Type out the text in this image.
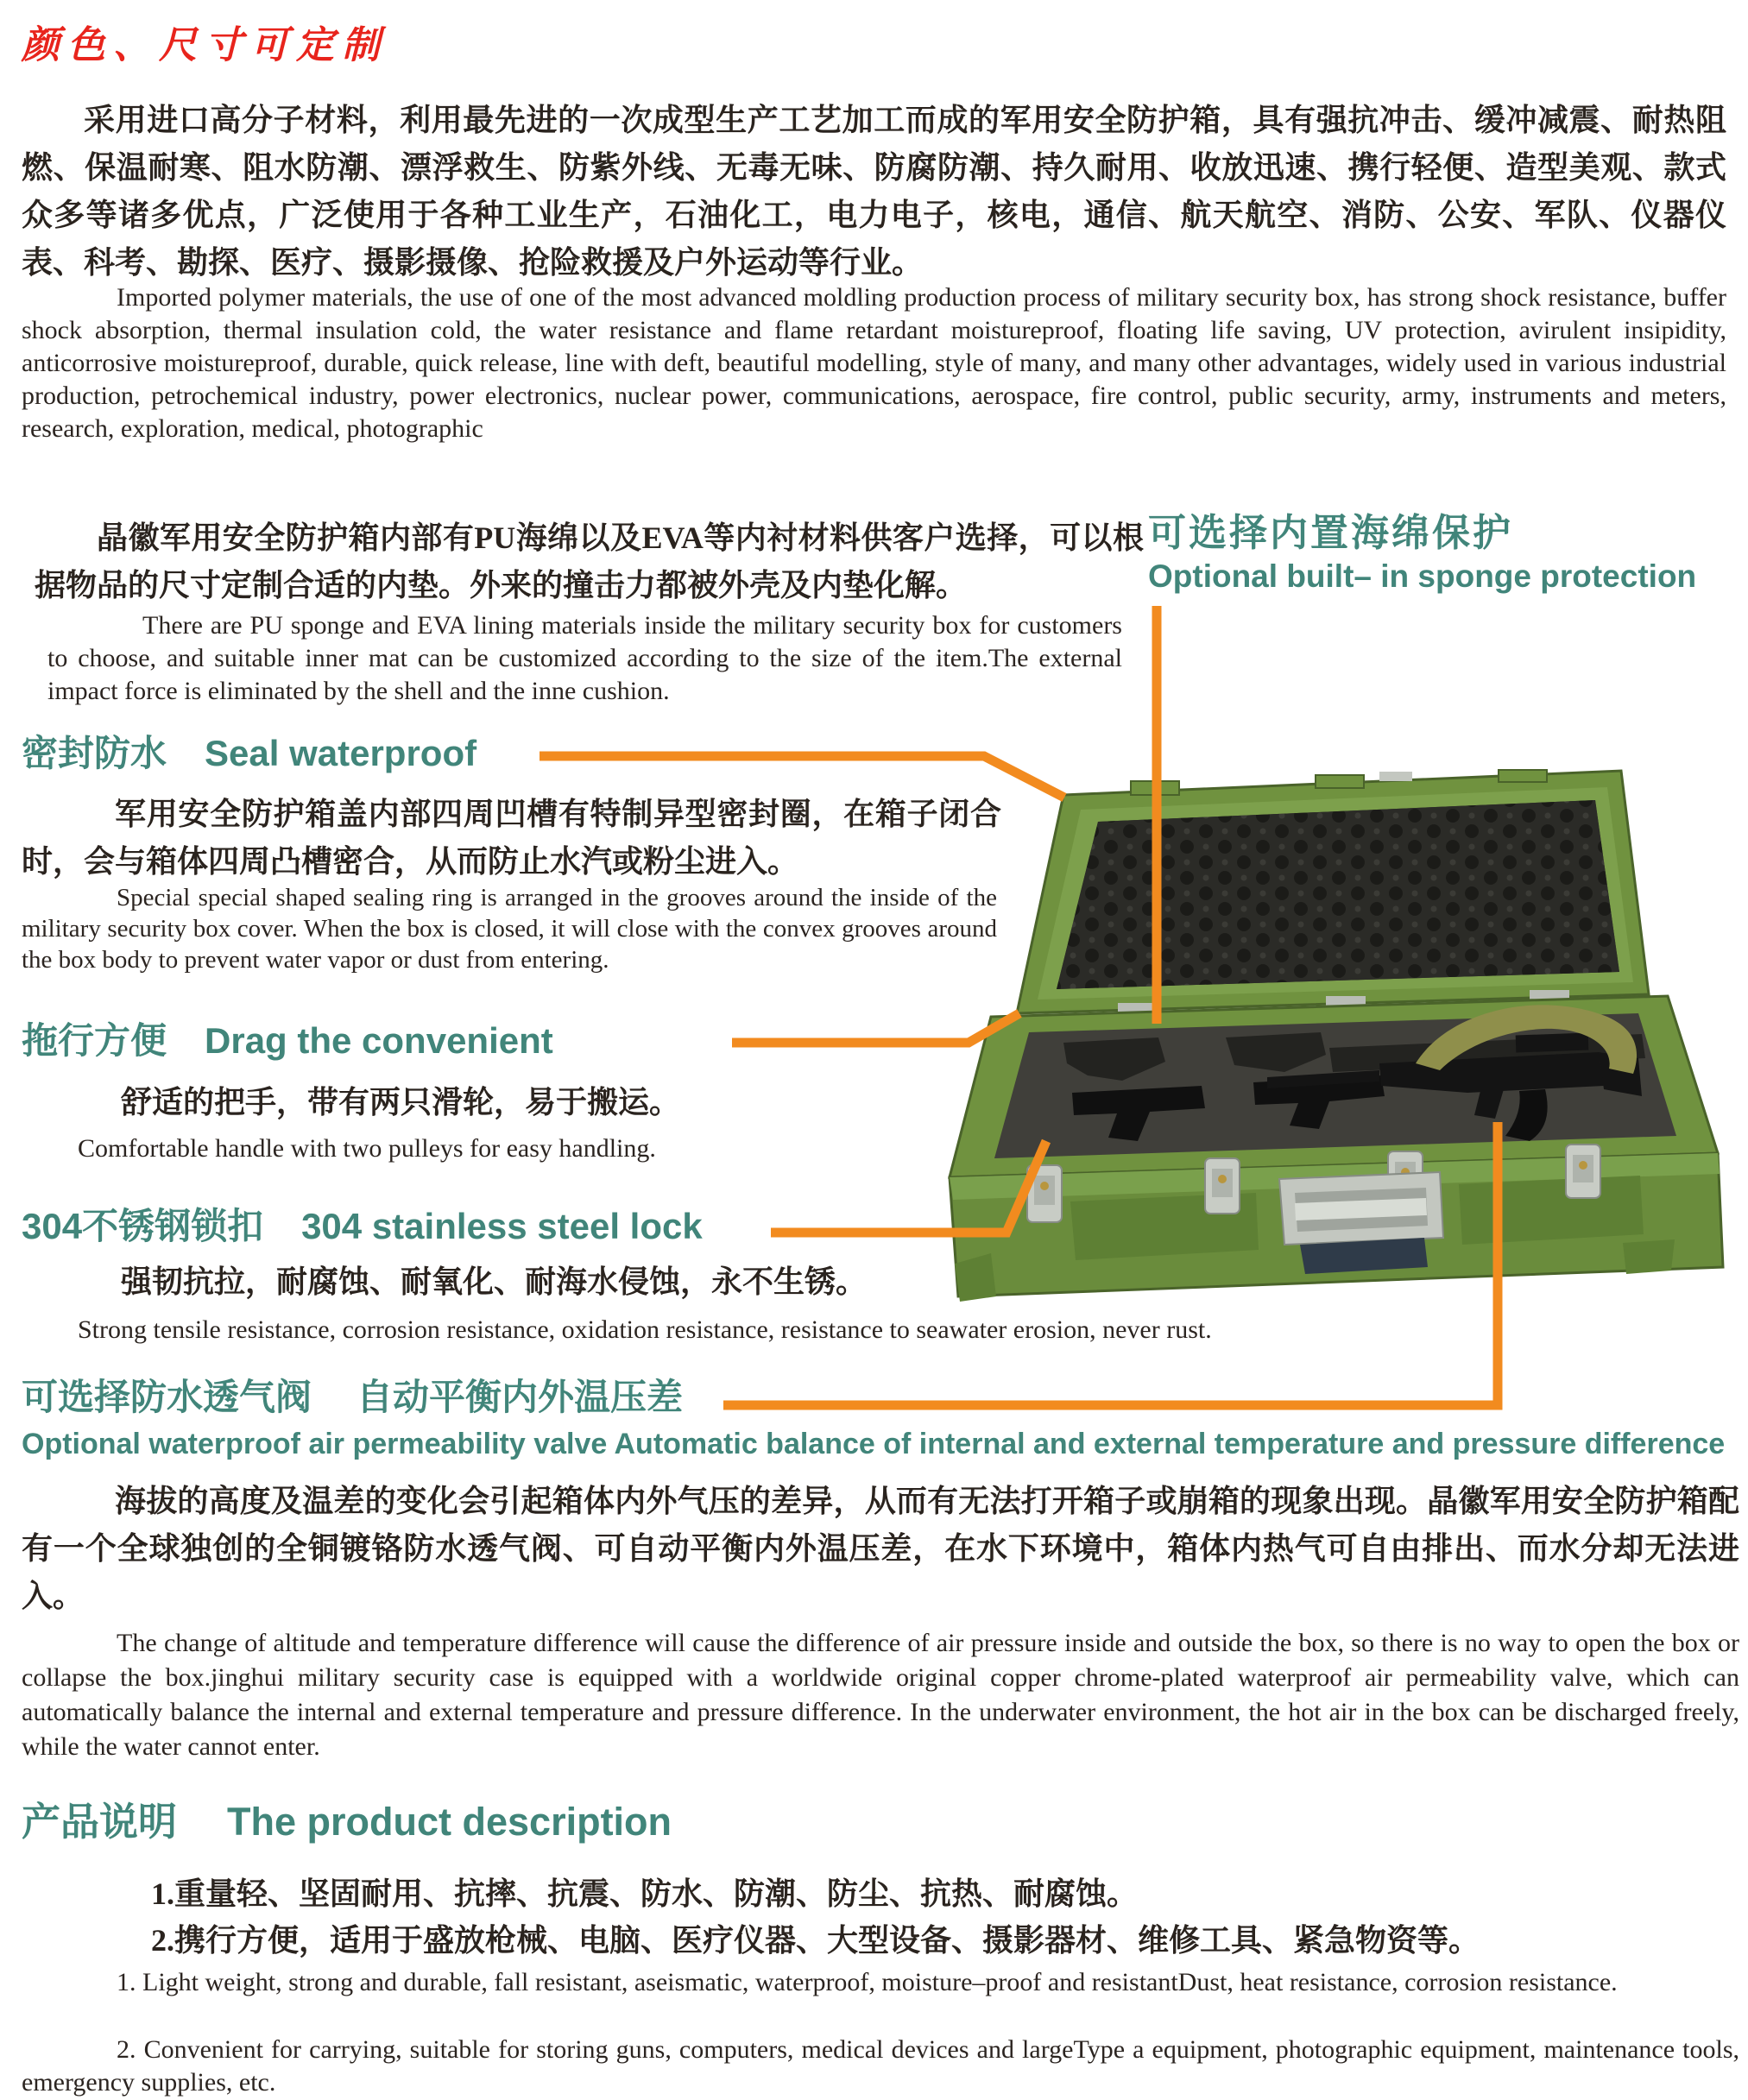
颜色、尺寸可定制
采用进口高分子材料，利用最先进的一次成型生产工艺加工而成的军用安全防护箱，具有强抗冲击、缓冲减震、耐热阻燃、保温耐寒、阻水防潮、漂浮救生、防紫外线、无毒无味、防腐防潮、持久耐用、收放迅速、携行轻便、造型美观、款式众多等诸多优点，广泛使用于各种工业生产，石油化工，电力电子，核电，通信、航天航空、消防、公安、军队、仪器仪表、科考、勘探、医疗、摄影摄像、抢险救援及户外运动等行业。
Imported polymer materials, the use of one of the most advanced moldling production process of military security box, has strong shock resistance, buffer shock absorption, thermal insulation cold, the water resistance and flame retardant moistureproof, floating life saving, UV protection, avirulent insipidity, anticorrosive moistureproof, durable, quick release, line with deft, beautiful modelling, style of many, and many other advantages, widely used in various industrial production, petrochemical industry, power electronics, nuclear power, communications, aerospace, fire control, public security, army, instruments and meters, research, exploration, medical, photographic
晶徽军用安全防护箱内部有PU海绵以及EVA等内衬材料供客户选择，可以根据物品的尺寸定制合适的内垫。外来的撞击力都被外壳及内垫化解。
There are PU sponge and EVA lining materials inside the military security box for customers to choose, and suitable inner mat can be customized according to the size of the item.The external impact force is eliminated by the shell and the inne cushion.
可选择内置海绵保护
Optional built– in sponge protection
密封防水 Seal waterproof
军用安全防护箱盖内部四周凹槽有特制异型密封圈，在箱子闭合时，会与箱体四周凸槽密合，从而防止水汽或粉尘进入。
Special special shaped sealing ring is arranged in the grooves around the inside of the military security box cover. When the box is closed, it will close with the convex grooves around the box body to prevent water vapor or dust from entering.
拖行方便 Drag the convenient
舒适的把手，带有两只滑轮，易于搬运。
Comfortable handle with two pulleys for easy handling.
304不锈钢锁扣 304 stainless steel lock
强韧抗拉，耐腐蚀、耐氧化、耐海水侵蚀，永不生锈。
Strong tensile resistance, corrosion resistance, oxidation resistance, resistance to seawater erosion, never rust.
可选择防水透气阀 自动平衡内外温压差
Optional waterproof air permeability valve Automatic balance of internal and external temperature and pressure difference
海拔的高度及温差的变化会引起箱体内外气压的差异，从而有无法打开箱子或崩箱的现象出现。晶徽军用安全防护箱配有一个全球独创的全铜镀铬防水透气阀、可自动平衡内外温压差，在水下环境中，箱体内热气可自由排出、而水分却无法进入。
The change of altitude and temperature difference will cause the difference of air pressure inside and outside the box, so there is no way to open the box or collapse the box.jinghui military security case is equipped with a worldwide original copper chrome-plated waterproof air permeability valve, which can automatically balance the internal and external temperature and pressure difference. In the underwater environment, the hot air in the box can be discharged freely, while the water cannot enter.
产品说明 The product description
1.重量轻、坚固耐用、抗摔、抗震、防水、防潮、防尘、抗热、耐腐蚀。
2.携行方便，适用于盛放枪械、电脑、医疗仪器、大型设备、摄影器材、维修工具、紧急物资等。
1. Light weight, strong and durable, fall resistant, aseismatic, waterproof, moisture–proof and resistantDust, heat resistance, corrosion resistance.
2. Convenient for carrying, suitable for storing guns, computers, medical devices and largeType a equipment, photographic equipment, maintenance tools, emergency supplies, etc.
